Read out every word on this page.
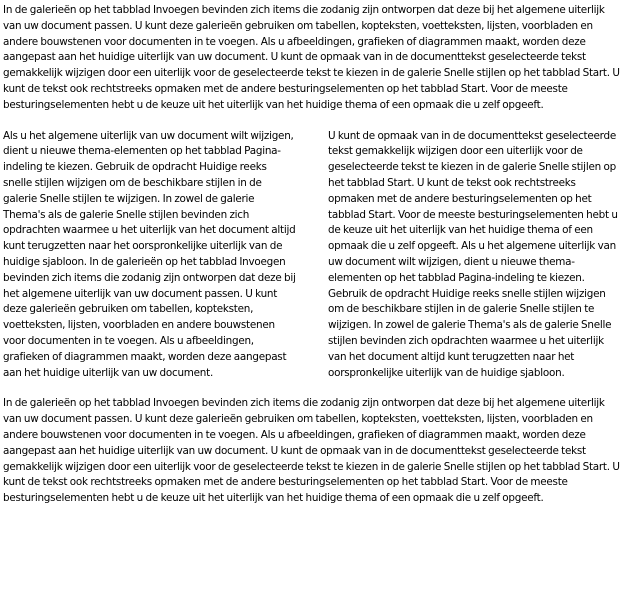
In de galerieën op het tabblad Invoegen bevinden zich items die zodanig zijn ontworpen dat deze bij het algemene uiterlijk van uw document passen. U kunt deze galerieën gebruiken om tabellen, kopteksten, voetteksten, lijsten, voorbladen en andere bouwstenen voor documenten in te voegen. Als u afbeeldingen, grafieken of diagrammen maakt, worden deze aangepast aan het huidige uiterlijk van uw document. U kunt de opmaak van in de documenttekst geselecteerde tekst gemakkelijk wijzigen door een uiterlijk voor de geselecteerde tekst te kiezen in de galerie Snelle stijlen op het tabblad Start. U kunt de tekst ook rechtstreeks opmaken met de andere besturingselementen op het tabblad Start. Voor de meeste besturingselementen hebt u de keuze uit het uiterlijk van het huidige thema of een opmaak die u zelf opgeeft.

Als u het algemene uiterlijk van uw document wilt wijzigen, dient u nieuwe thema-elementen op het tabblad Pagina-indeling te kiezen. Gebruik de opdracht Huidige reeks snelle stijlen wijzigen om de beschikbare stijlen in de galerie Snelle stijlen te wijzigen. In zowel de galerie Thema's als de galerie Snelle stijlen bevinden zich opdrachten waarmee u het uiterlijk van het document altijd kunt terugzetten naar het oorspronkelijke uiterlijk van de huidige sjabloon. In de galerieën op het tabblad Invoegen bevinden zich items die zodanig zijn ontworpen dat deze bij het algemene uiterlijk van uw document passen. U kunt deze galerieën gebruiken om tabellen, kopteksten, voetteksten, lijsten, voorbladen en andere bouwstenen voor documenten in te voegen. Als u afbeeldingen, grafieken of diagrammen maakt, worden deze aangepast aan het huidige uiterlijk van uw document.

U kunt de opmaak van in de documenttekst geselecteerde tekst gemakkelijk wijzigen door een uiterlijk voor de geselecteerde tekst te kiezen in de galerie Snelle stijlen op het tabblad Start. U kunt de tekst ook rechtstreeks opmaken met de andere besturingselementen op het tabblad Start. Voor de meeste besturingselementen hebt u de keuze uit het uiterlijk van het huidige thema of een opmaak die u zelf opgeeft. Als u het algemene uiterlijk van uw document wilt wijzigen, dient u nieuwe thema-elementen op het tabblad Pagina-indeling te kiezen. Gebruik de opdracht Huidige reeks snelle stijlen wijzigen om de beschikbare stijlen in de galerie Snelle stijlen te wijzigen. In zowel de galerie Thema's als de galerie Snelle stijlen bevinden zich opdrachten waarmee u het uiterlijk van het document altijd kunt terugzetten naar het oorspronkelijke uiterlijk van de huidige sjabloon.

In de galerieën op het tabblad Invoegen bevinden zich items die zodanig zijn ontworpen dat deze bij het algemene uiterlijk van uw document passen. U kunt deze galerieën gebruiken om tabellen, kopteksten, voetteksten, lijsten, voorbladen en andere bouwstenen voor documenten in te voegen. Als u afbeeldingen, grafieken of diagrammen maakt, worden deze aangepast aan het huidige uiterlijk van uw document. U kunt de opmaak van in de documenttekst geselecteerde tekst gemakkelijk wijzigen door een uiterlijk voor de geselecteerde tekst te kiezen in de galerie Snelle stijlen op het tabblad Start. U kunt de tekst ook rechtstreeks opmaken met de andere besturingselementen op het tabblad Start. Voor de meeste besturingselementen hebt u de keuze uit het uiterlijk van het huidige thema of een opmaak die u zelf opgeeft.
